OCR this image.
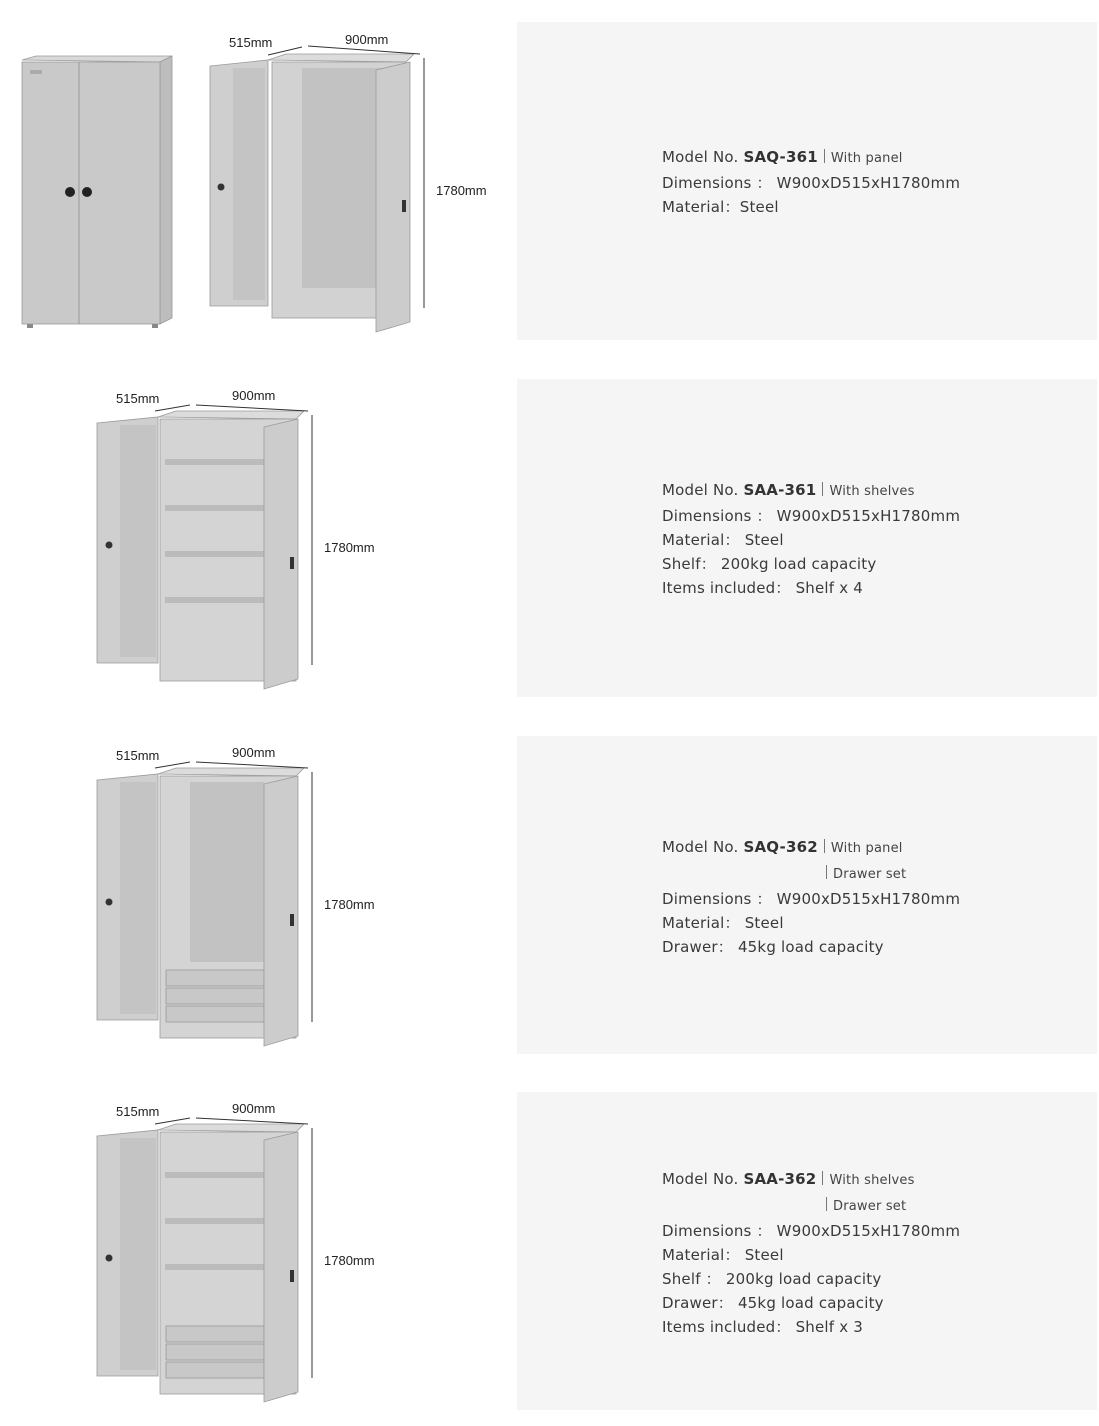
515mm	900mm
1780mm
Model No. SAQ-361 With panel
Dimensions ： W900xD515xH1780mm
Material：Steel
515mm	900mm
1780mm
Model No. SAA-361 With shelves
Dimensions ： W900xD515xH1780mm
Material： Steel
Shelf： 200kg load capacity
Items included： Shelf x 4
515mm	900mm
1780mm
Model No. SAQ-362 With panel
Drawer set
Dimensions ： W900xD515xH1780mm
Material： Steel
Drawer： 45kg load capacity
515mm	900mm
1780mm
Model No. SAA-362 With shelves
Drawer set
Dimensions ： W900xD515xH1780mm
Material： Steel
Shelf ： 200kg load capacity
Drawer： 45kg load capacity
Items included： Shelf x 3
